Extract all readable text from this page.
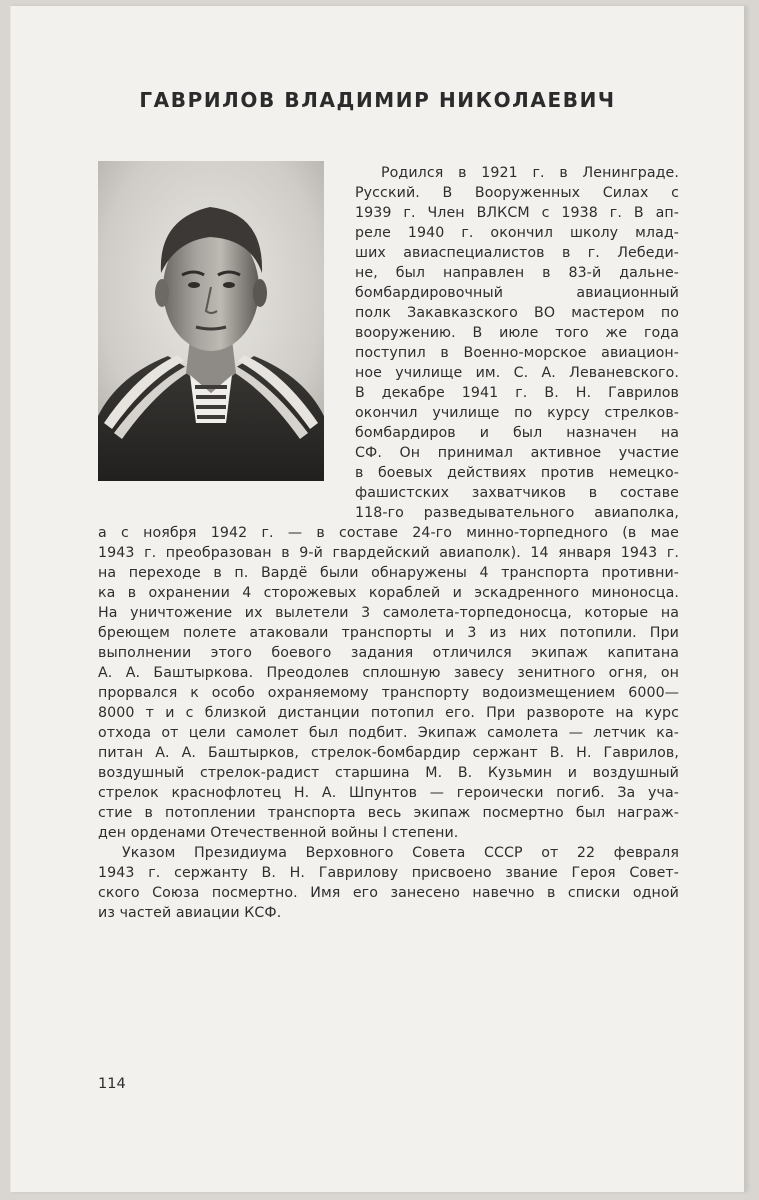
ГАВРИЛОВ ВЛАДИМИР НИКОЛАЕВИЧ
Родился в 1921 г. в Ленинграде.
Русский. В Вооруженных Силах с
1939 г. Член ВЛКСМ с 1938 г. В ап-
реле 1940 г. окончил школу млад-
ших авиаспециалистов в г. Лебеди-
не, был направлен в 83-й дальне-
бомбардировочный авиационный
полк Закавказского ВО мастером по
вооружению. В июле того же года
поступил в Военно-морское авиацион-
ное училище им. С. А. Леваневского.
В декабре 1941 г. В. Н. Гаврилов
окончил училище по курсу стрелков-
бомбардиров и был назначен на
СФ. Он принимал активное участие
в боевых действиях против немецко-
фашистских захватчиков в составе
118-го разведывательного авиаполка,
а с ноября 1942 г. — в составе 24-го минно-торпедного (в мае
1943 г. преобразован в 9-й гвардейский авиаполк). 14 января 1943 г.
на переходе в п. Вардё были обнаружены 4 транспорта противни-
ка в охранении 4 сторожевых кораблей и эскадренного миноносца.
На уничтожение их вылетели 3 самолета-торпедоносца, которые на
бреющем полете атаковали транспорты и 3 из них потопили. При
выполнении этого боевого задания отличился экипаж капитана
А. А. Баштыркова. Преодолев сплошную завесу зенитного огня, он
прорвался к особо охраняемому транспорту водоизмещением 6000—
8000 т и с близкой дистанции потопил его. При развороте на курс
отхода от цели самолет был подбит. Экипаж самолета — летчик ка-
питан А. А. Баштырков, стрелок-бомбардир сержант В. Н. Гаврилов,
воздушный стрелок-радист старшина М. В. Кузьмин и воздушный
стрелок краснофлотец Н. А. Шпунтов — героически погиб. За уча-
стие в потоплении транспорта весь экипаж посмертно был награж-
ден орденами Отечественной войны I степени.
Указом Президиума Верховного Совета СССР от 22 февраля
1943 г. сержанту В. Н. Гаврилову присвоено звание Героя Совет-
ского Союза посмертно. Имя его занесено навечно в списки одной
из частей авиации КСФ.
114
